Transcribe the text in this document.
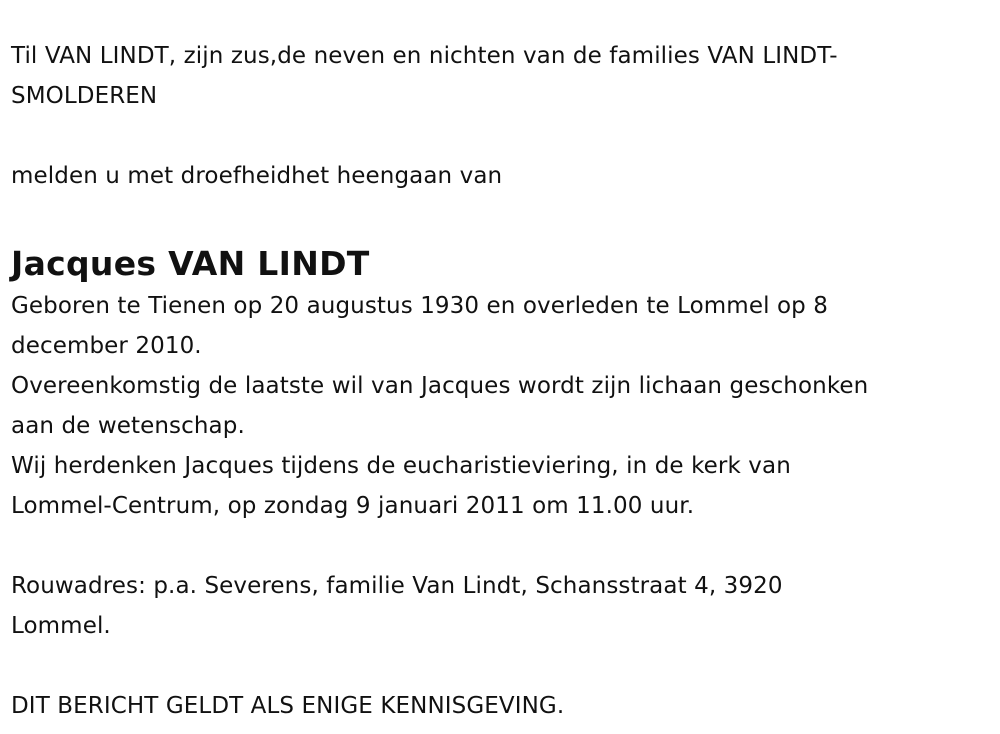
Til VAN LINDT, zijn zus,de neven en nichten van de families VAN LINDT-

SMOLDEREN

melden u met droefheidhet heengaan van

Jacques VAN LINDT

Geboren te Tienen op 20 augustus 1930 en overleden te Lommel op 8

december 2010.

Overeenkomstig de laatste wil van Jacques wordt zijn lichaan geschonken

aan de wetenschap.

Wij herdenken Jacques tijdens de eucharistieviering, in de kerk van

Lommel-Centrum, op zondag 9 januari 2011 om 11.00 uur.

Rouwadres: p.a. Severens, familie Van Lindt, Schansstraat 4, 3920

Lommel.

DIT BERICHT GELDT ALS ENIGE KENNISGEVING.
